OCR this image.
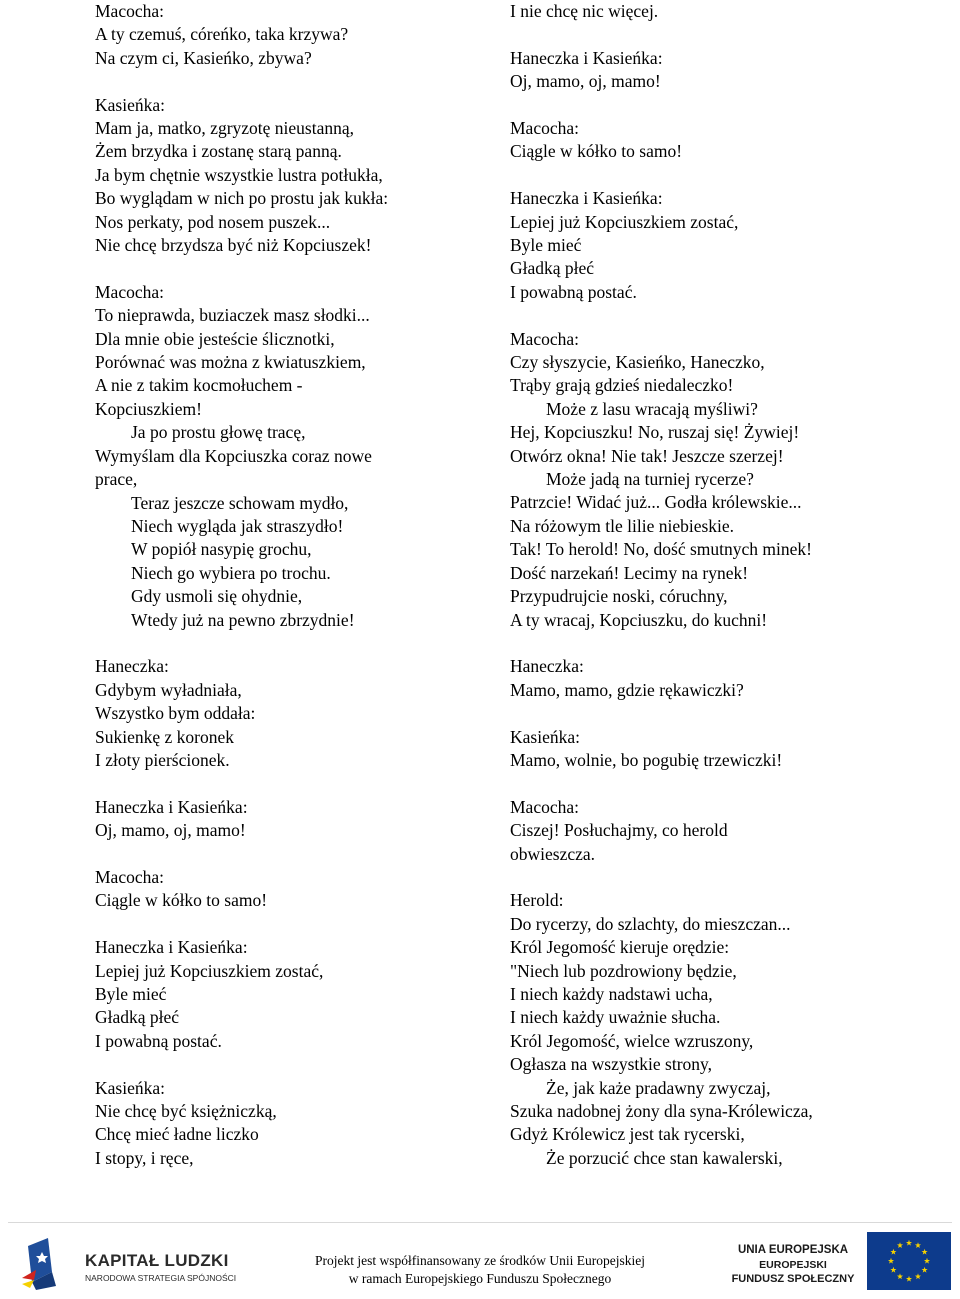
Macocha:
A ty czemuś, córeńko, taka krzywa?
Na czym ci, Kasieńko, zbywa?
Kasieńka:
Mam ja, matko, zgryzotę nieustanną,
Żem brzydka i zostanę starą panną.
Ja bym chętnie wszystkie lustra potłukła,
Bo wyglądam w nich po prostu jak kukła:
Nos perkaty, pod nosem puszek...
Nie chcę brzydsza być niż Kopciuszek!
Macocha:
To nieprawda, buziaczek masz słodki...
Dla mnie obie jesteście ślicznotki,
Porównać was można z kwiatuszkiem,
A nie z takim kocmołuchem -
Kopciuszkiem!
Ja po prostu głowę tracę,
Wymyślam dla Kopciuszka coraz nowe
prace,
Teraz jeszcze schowam mydło,
Niech wygląda jak straszydło!
W popiół nasypię grochu,
Niech go wybiera po trochu.
Gdy usmoli się ohydnie,
Wtedy już na pewno zbrzydnie!
Haneczka:
Gdybym wyładniała,
Wszystko bym oddała:
Sukienkę z koronek
I złoty pierścionek.
Haneczka i Kasieńka:
Oj, mamo, oj, mamo!
Macocha:
Ciągle w kółko to samo!
Haneczka i Kasieńka:
Lepiej już Kopciuszkiem zostać,
Byle mieć
Gładką płeć
I powabną postać.
Kasieńka:
Nie chcę być księżniczką,
Chcę mieć ładne liczko
I stopy, i ręce,
I nie chcę nic więcej.
Haneczka i Kasieńka:
Oj, mamo, oj, mamo!
Macocha:
Ciągle w kółko to samo!
Haneczka i Kasieńka:
Lepiej już Kopciuszkiem zostać,
Byle mieć
Gładką płeć
I powabną postać.
Macocha:
Czy słyszycie, Kasieńko, Haneczko,
Trąby grają gdzieś niedaleczko!
Może z lasu wracają myśliwi?
Hej, Kopciuszku! No, ruszaj się! Żywiej!
Otwórz okna! Nie tak! Jeszcze szerzej!
Może jadą na turniej rycerze?
Patrzcie! Widać już... Godła królewskie...
Na różowym tle lilie niebieskie.
Tak! To herold! No, dość smutnych minek!
Dość narzekań! Lecimy na rynek!
Przypudrujcie noski, córuchny,
A ty wracaj, Kopciuszku, do kuchni!
Haneczka:
Mamo, mamo, gdzie rękawiczki?
Kasieńka:
Mamo, wolnie, bo pogubię trzewiczki!
Macocha:
Ciszej! Posłuchajmy, co herold
obwieszcza.
Herold:
Do rycerzy, do szlachty, do mieszczan...
Król Jegomość kieruje orędzie:
"Niech lub pozdrowiony będzie,
I niech każdy nadstawi ucha,
I niech każdy uważnie słucha.
Król Jegomość, wielce wzruszony,
Ogłasza na wszystkie strony,
Że, jak każe pradawny zwyczaj,
Szuka nadobnej żony dla syna-Królewicza,
Gdyż Królewicz jest tak rycerski,
Że porzucić chce stan kawalerski,
KAPITAŁ LUDZKI
NARODOWA STRATEGIA SPÓJNOŚCI
Projekt jest współfinansowany ze środków Unii Europejskiej
w ramach Europejskiego Funduszu Społecznego
UNIA EUROPEJSKA
EUROPEJSKI
FUNDUSZ SPOŁECZNY
